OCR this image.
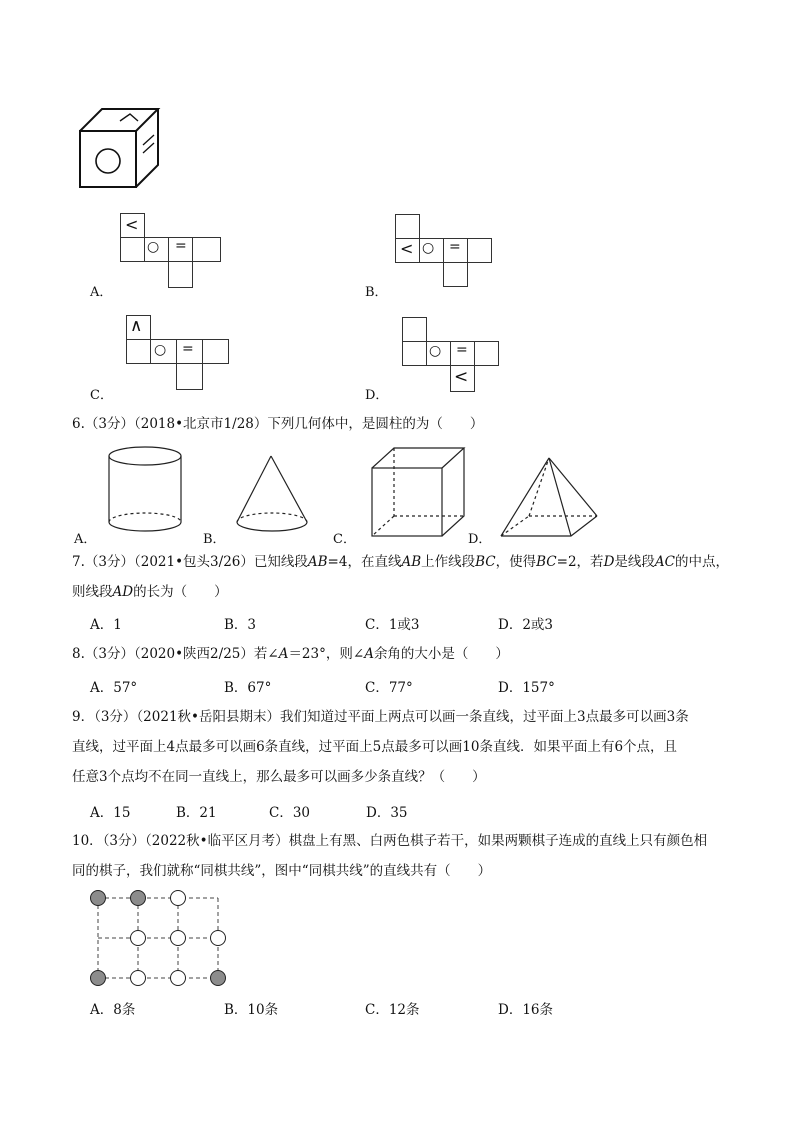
<
○ =
A．
< ○ =
B．
∧
○ =
C．
○ =
<
D．
6.（3分）（2018•北京市1/28）下列几何体中，是圆柱的为（　　）
A．	B．	C．	D．
7.（3分）（2021•包头3/26）已知线段AB=4，在直线AB上作线段BC，使得BC=2，若D是线段AC的中点，
则线段AD的长为（　　）
A．1	B．3	C．1或3	D．2或3
8.（3分）（2020•陕西2/25）若∠A＝23°，则∠A余角的大小是（　　）
A．57°	B．67°	C．77°	D．157°
9．（3分）（2021秋•岳阳县期末）我们知道过平面上两点可以画一条直线，过平面上3点最多可以画3条
直线，过平面上4点最多可以画6条直线，过平面上5点最多可以画10条直线．如果平面上有6个点，且
任意3个点均不在同一直线上，那么最多可以画多少条直线？（　　）
A．15	B．21	C．30	D．35
10．（3分）（2022秋•临平区月考）棋盘上有黑、白两色棋子若干，如果两颗棋子连成的直线上只有颜色相
同的棋子，我们就称“同棋共线”，图中“同棋共线”的直线共有（　　）
A．8条	B．10条	C．12条	D．16条
